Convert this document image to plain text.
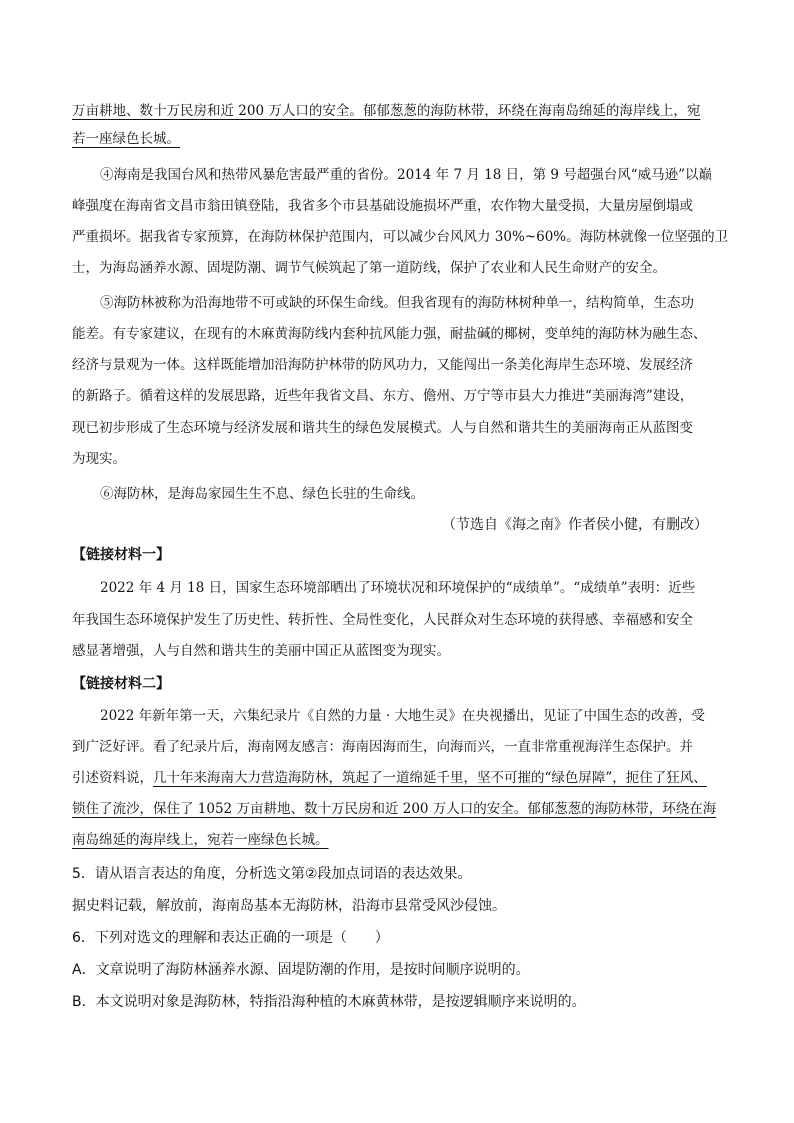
万亩耕地、数十万民房和近 200 万人口的安全。郁郁葱葱的海防林带，环绕在海南岛绵延的海岸线上，宛
若一座绿色长城。
④海南是我国台风和热带风暴危害最严重的省份。2014 年 7 月 18 日，第 9 号超强台风“威马逊”以巅
峰强度在海南省文昌市翁田镇登陆，我省多个市县基础设施损坏严重，农作物大量受损，大量房屋倒塌或
严重损坏。据我省专家预算，在海防林保护范围内，可以减少台风风力 30%~60%。海防林就像一位坚强的卫
士，为海岛涵养水源、固堤防潮、调节气候筑起了第一道防线，保护了农业和人民生命财产的安全。
⑤海防林被称为沿海地带不可或缺的环保生命线。但我省现有的海防林树种单一，结构简单，生态功
能差。有专家建议，在现有的木麻黄海防线内套种抗风能力强，耐盐碱的椰树，变单纯的海防林为融生态、
经济与景观为一体。这样既能增加沿海防护林带的防风功力，又能闯出一条美化海岸生态环境、发展经济
的新路子。循着这样的发展思路，近些年我省文昌、东方、儋州、万宁等市县大力推进“美丽海湾”建设，
现已初步形成了生态环境与经济发展和谐共生的绿色发展模式。人与自然和谐共生的美丽海南正从蓝图变
为现实。
⑥海防林，是海岛家园生生不息、绿色长驻的生命线。
（节选自《海之南》作者侯小健，有删改）
【链接材料一】
2022 年 4 月 18 日，国家生态环境部晒出了环境状况和环境保护的“成绩单”。“成绩单”表明：近些
年我国生态环境保护发生了历史性、转折性、全局性变化，人民群众对生态环境的获得感、幸福感和安全
感显著增强，人与自然和谐共生的美丽中国正从蓝图变为现实。
【链接材料二】
2022 年新年第一天，六集纪录片《自然的力量 · 大地生灵》在央视播出，见证了中国生态的改善，受
到广泛好评。看了纪录片后，海南网友感言：海南因海而生，向海而兴，一直非常重视海洋生态保护。并
引述资料说，几十年来海南大力营造海防林，筑起了一道绵延千里，坚不可摧的“绿色屏障”，扼住了狂风、
锁住了流沙，保住了 1052 万亩耕地、数十万民房和近 200 万人口的安全。郁郁葱葱的海防林带，环绕在海
南岛绵延的海岸线上，宛若一座绿色长城。
5．请从语言表达的角度，分析选文第②段加点词语的表达效果。
据史料记载，解放前，海南岛基本无海防林，沿海市县常受风沙侵蚀。
6．下列对选文的理解和表达正确的一项是（　　）
A．文章说明了海防林涵养水源、固堤防潮的作用，是按时间顺序说明的。
B．本文说明对象是海防林，特指沿海种植的木麻黄林带，是按逻辑顺序来说明的。
